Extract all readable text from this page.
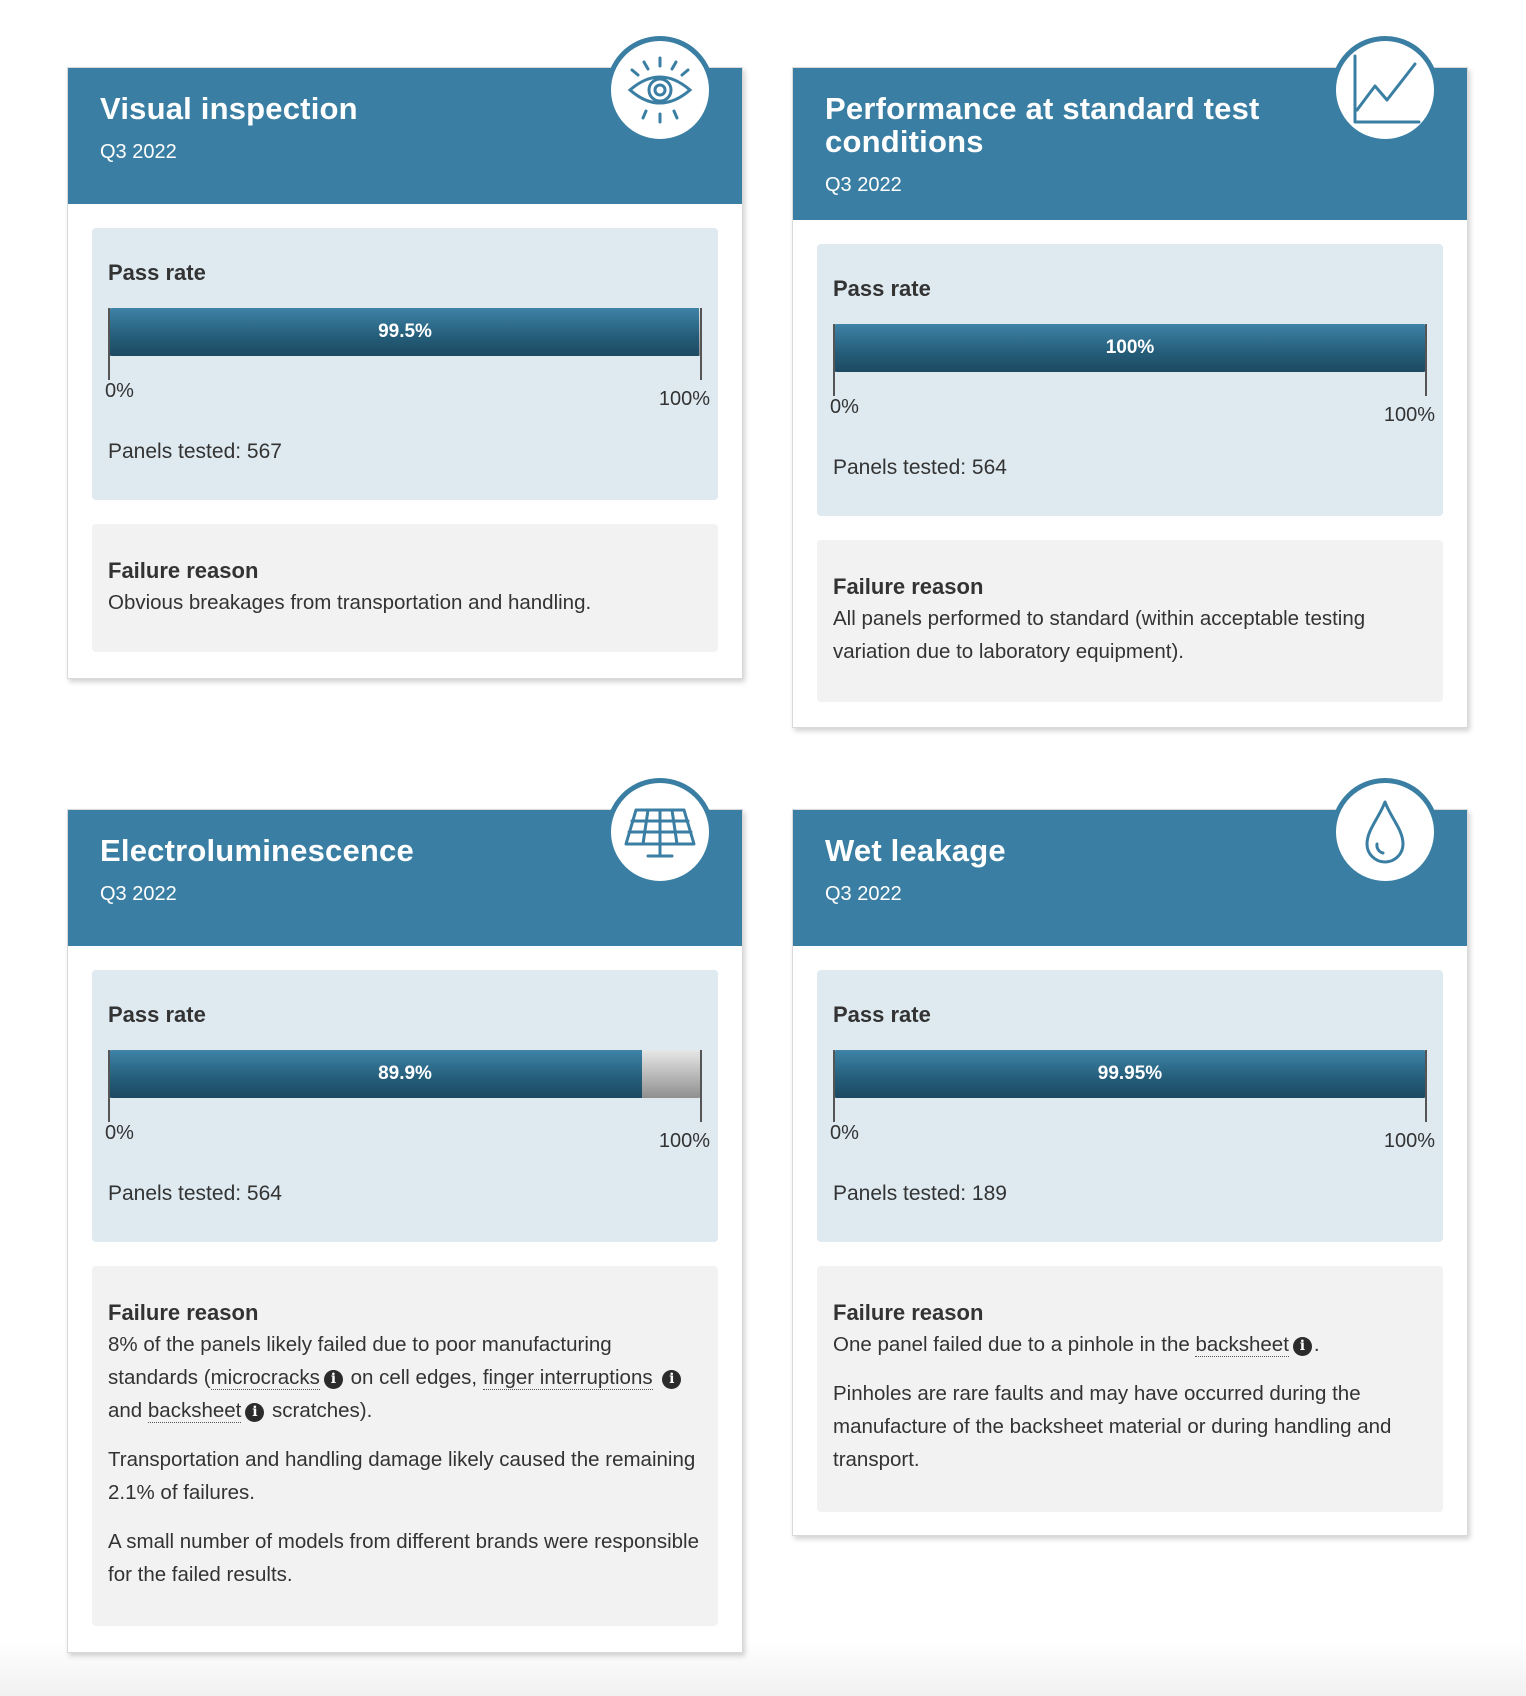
Visual inspection
Q3 2022
Pass rate
99.5%
0%	100%
Panels tested: 567
Failure reason

Obvious breakages from transportation and handling.

Performance at standard test conditions
Q3 2022
Pass rate
100%
0%	100%
Panels tested: 564
Failure reason

All panels performed to standard (within acceptable testing variation due to laboratory equipment).

Electroluminescence
Q3 2022
Pass rate
89.9%
0%	100%
Panels tested: 564
Failure reason

8% of the panels likely failed due to poor manufacturing standards (microcracks i on cell edges, finger interruptions i and backsheet i scratches).

Transportation and handling damage likely caused the remaining 2.1% of failures.

A small number of models from different brands were responsible for the failed results.

Wet leakage
Q3 2022
Pass rate
99.95%
0%	100%
Panels tested: 189
Failure reason

One panel failed due to a pinhole in the backsheet i .

Pinholes are rare faults and may have occurred during the manufacture of the backsheet material or during handling and transport.
